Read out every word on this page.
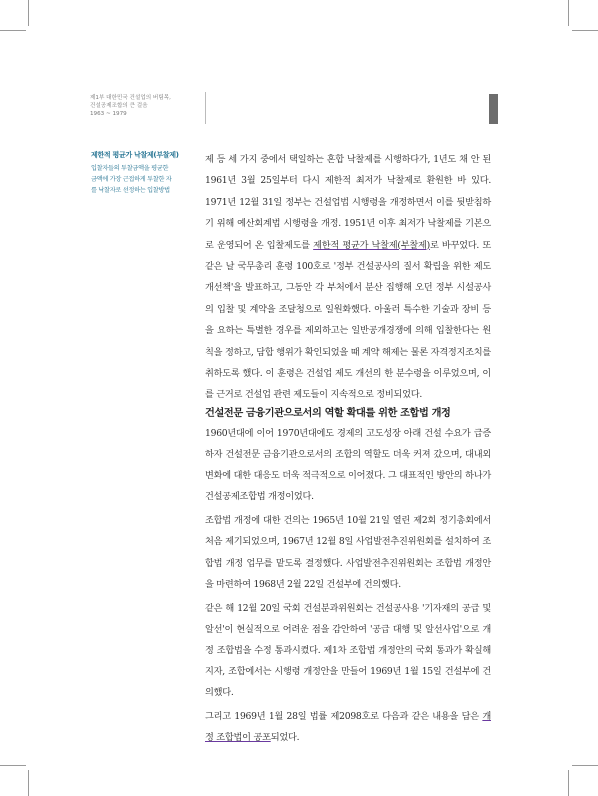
제1부 대한민국 건설업의 버팀목,
건설공제조합의 큰 걸음
1963 ~ 1979
제한적 평균가 낙찰제(부찰제)
입찰자들의 투찰금액을 평균한
금액에 가장 근접하게 투찰한 자
를 낙찰자로 선정하는 입찰방법

제 등 세 가지 중에서 택일하는 혼합 낙찰제를 시행하다가, 1년도 채 안 된 1961년 3월 25일부터 다시 제한적 최저가 낙찰제로 환원한 바 있다. 1971년 12월 31일 정부는 건설업법 시행령을 개정하면서 이를 뒷받침하기 위해 예산회계법 시행령을 개정. 1951년 이후 최저가 낙찰제를 기본으로 운영되어 온 입찰제도를 제한적 평균가 낙찰제(부찰제)로 바꾸었다. 또 같은 날 국무총리 훈령 100호로 '정부 건설공사의 질서 확립을 위한 제도 개선책'을 발표하고, 그동안 각 부처에서 분산 집행해 오던 정부 시설공사의 입찰 및 계약을 조달청으로 일원화했다. 아울러 특수한 기술과 장비 등을 요하는 특별한 경우를 제외하고는 일반공개경쟁에 의해 입찰한다는 원칙을 정하고, 담합 행위가 확인되었을 때 계약 해제는 물론 자격정지조치를 취하도록 했다. 이 훈령은 건설업 제도 개선의 한 분수령을 이루었으며, 이를 근거로 건설업 관련 제도들이 지속적으로 정비되었다.

건설전문 금융기관으로서의 역할 확대를 위한 조합법 개정

1960년대에 이어 1970년대에도 경제의 고도성장 아래 건설 수요가 급증하자 건설전문 금융기관으로서의 조합의 역할도 더욱 커져 갔으며, 대내외 변화에 대한 대응도 더욱 적극적으로 이어졌다. 그 대표적인 방안의 하나가 건설공제조합법 개정이었다.

조합법 개정에 대한 건의는 1965년 10월 21일 열린 제2회 정기총회에서 처음 제기되었으며, 1967년 12월 8일 사업발전추진위원회를 설치하여 조합법 개정 업무를 맡도록 결정했다. 사업발전추진위원회는 조합법 개정안을 마련하여 1968년 2월 22일 건설부에 건의했다.

같은 해 12월 20일 국회 건설분과위원회는 건설공사용 '기자재의 공급 및 알선'이 현실적으로 어려운 점을 감안하여 '공급 대행 및 알선사업'으로 개정 조합법을 수정 통과시켰다. 제1차 조합법 개정안의 국회 통과가 확실해지자, 조합에서는 시행령 개정안을 만들어 1969년 1월 15일 건설부에 건의했다.

그리고 1969년 1월 28일 법률 제2098호로 다음과 같은 내용을 담은 개정 조합법이 공포되었다.
